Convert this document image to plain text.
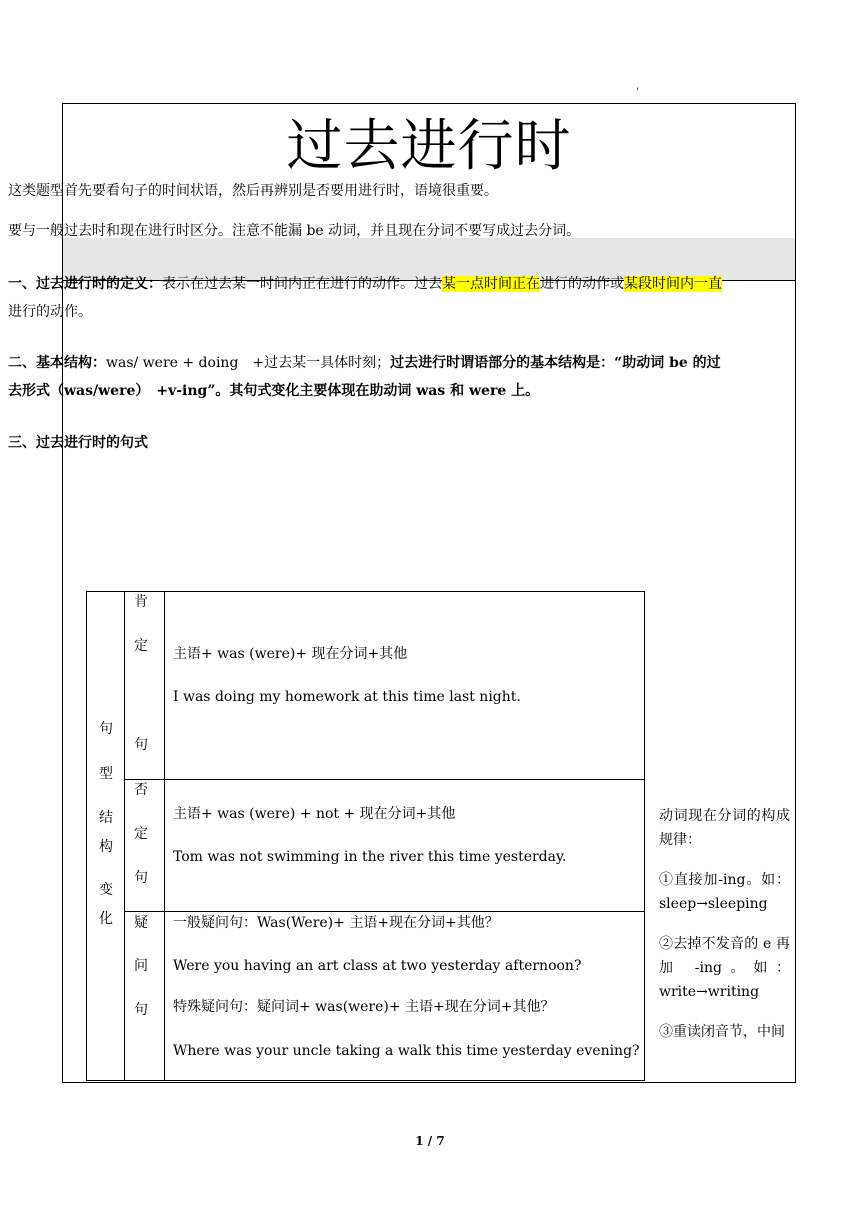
'
过去进行时

这类题型首先要看句子的时间状语，然后再辨别是否要用进行时，语境很重要。

要与一般过去时和现在进行时区分。注意不能漏 be 动词，并且现在分词不要写成过去分词。

一、过去进行时的定义：表示在过去某一时间内正在进行的动作。过去某一点时间正在进行的动作或某段时间内一直进行的动作。

二、基本结构：was/ were + doing　+过去某一具体时刻；过去进行时谓语部分的基本结构是：“助动词 be 的过去形式（was/were）　+v-ing”。其句式变化主要体现在助动词 was 和 were 上。

三、过去进行时的句式

句
型
结
构
变
化
肯
定
句
主语+ was (were)+ 现在分词+其他
I was doing my homework at this time last night.
否
定
句
主语+ was (were) + not + 现在分词+其他
Tom was not swimming in the river this time yesterday.
疑
问
句
一般疑问句：Was(Were)+ 主语+现在分词+其他？
Were you having an art class at two yesterday afternoon?
特殊疑问句：疑问词+ was(were)+ 主语+现在分词+其他？
Where was your uncle taking a walk this time yesterday evening?
动词现在分词的构成规律：
①直接加-ing。如：sleep→sleeping
②去掉不发音的 e 再加 -ing。如：write→writing
③重读闭音节，中间
1 / 7
